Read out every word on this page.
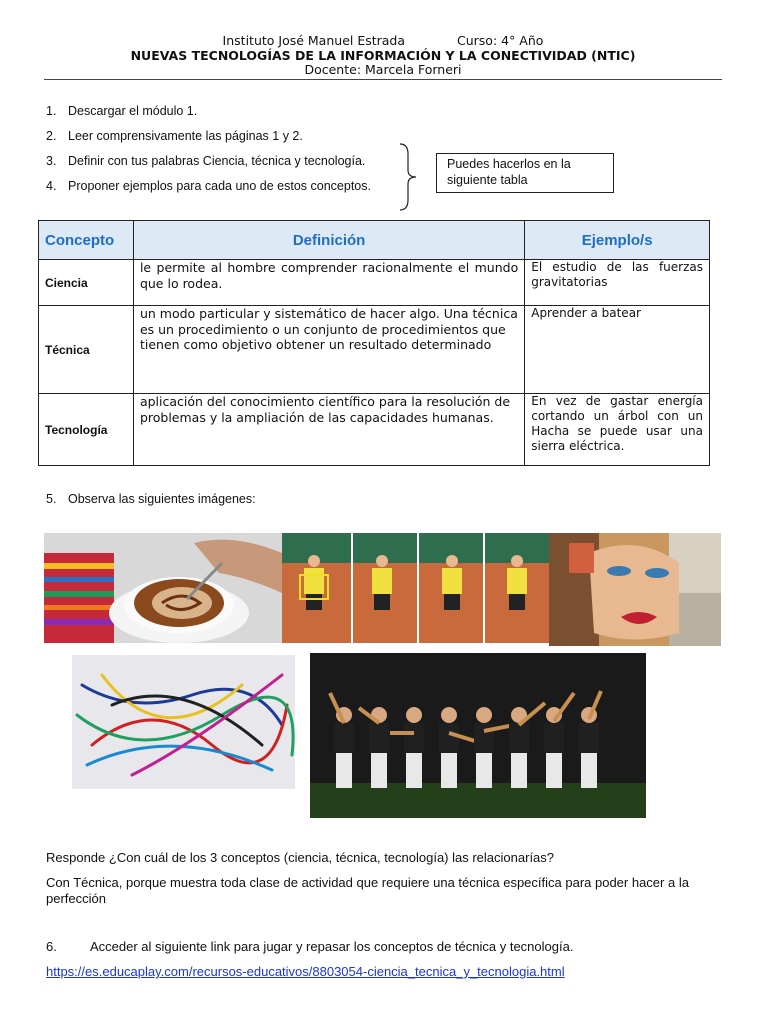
Instituto José Manuel Estrada	Curso: 4° Año
NUEVAS TECNOLOGÍAS DE LA INFORMACIÓN Y LA CONECTIVIDAD (NTIC)
Docente: Marcela Forneri
1. Descargar el módulo 1.
2. Leer comprensivamente las páginas 1 y 2.
3. Definir con tus palabras Ciencia, técnica y tecnología.
4. Proponer ejemplos para cada uno de estos conceptos.
Puedes hacerlos en la siguiente tabla
Concepto	Definición	Ejemplo/s
Ciencia	le permite al hombre comprender racionalmente el mundo que lo rodea.	El estudio de las fuerzas gravitatorias
Técnica	un modo particular y sistemático de hacer algo. Una técnica es un procedimiento o un conjunto de procedimientos que tienen como objetivo obtener un resultado determinado	Aprender a batear
Tecnología	aplicación del conocimiento científico para la resolución de problemas y la ampliación de las capacidades humanas.	En vez de gastar energía cortando un árbol con un Hacha se puede usar una sierra eléctrica.
5. Observa las siguientes imágenes:
Responde ¿Con cuál de los 3 conceptos (ciencia, técnica, tecnología) las relacionarías?
Con Técnica, porque muestra toda clase de actividad que requiere una técnica específica para poder hacer a la perfección
6.	Acceder al siguiente link para jugar y repasar los conceptos de técnica y tecnología.
https://es.educaplay.com/recursos-educativos/8803054-ciencia_tecnica_y_tecnologia.html
